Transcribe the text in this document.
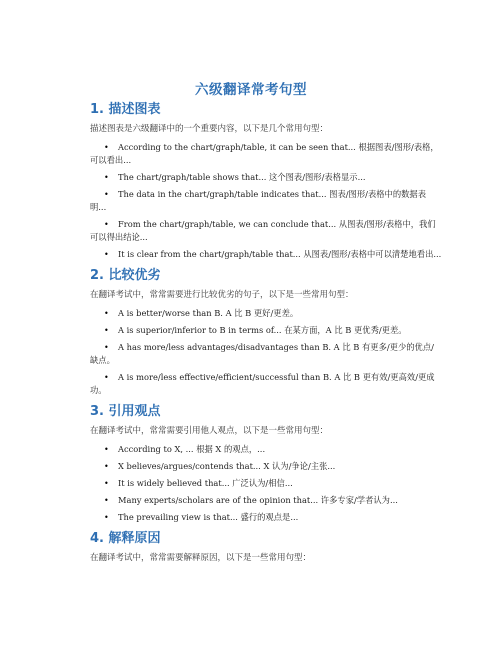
六级翻译常考句型
1. 描述图表

描述图表是六级翻译中的一个重要内容，以下是几个常用句型：

• According to the chart/graph/table, it can be seen that... 根据图表/图形/表格，可以看出...
• The chart/graph/table shows that... 这个图表/图形/表格显示...
• The data in the chart/graph/table indicates that... 图表/图形/表格中的数据表明...
• From the chart/graph/table, we can conclude that... 从图表/图形/表格中，我们可以得出结论...
• It is clear from the chart/graph/table that... 从图表/图形/表格中可以清楚地看出...
2. 比较优劣

在翻译考试中，常常需要进行比较优劣的句子，以下是一些常用句型：

• A is better/worse than B. A 比 B 更好/更差。
• A is superior/inferior to B in terms of... 在某方面，A 比 B 更优秀/更差。
• A has more/less advantages/disadvantages than B. A 比 B 有更多/更少的优点/缺点。
• A is more/less effective/efficient/successful than B. A 比 B 更有效/更高效/更成功。
3. 引用观点

在翻译考试中，常常需要引用他人观点，以下是一些常用句型：

• According to X, ... 根据 X 的观点，...
• X believes/argues/contends that... X 认为/争论/主张...
• It is widely believed that... 广泛认为/相信...
• Many experts/scholars are of the opinion that... 许多专家/学者认为...
• The prevailing view is that... 盛行的观点是...
4. 解释原因

在翻译考试中，常常需要解释原因，以下是一些常用句型：
